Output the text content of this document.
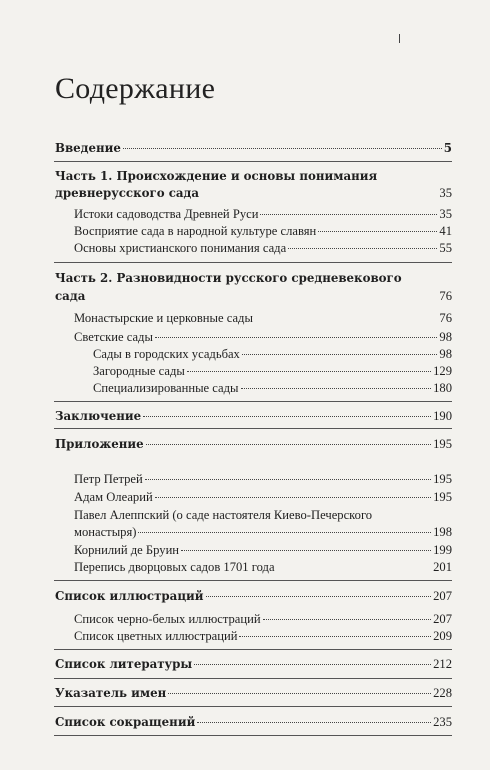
Содержание
Введение	5
Часть 1. Происхождение и основы понимания
древнерусского сада	35
Истоки садоводства Древней Руси	35
Восприятие сада в народной культуре славян	41
Основы христианского понимания сада	55
Часть 2. Разновидности русского средневекового
сада	76
Монастырские и церковные сады	76
Светские сады	98
Сады в городских усадьбах	98
Загородные сады	129
Специализированные сады	180
Заключение	190
Приложение	195
Петр Петрей	195
Адам Олеарий	195
Павел Алеппский (о саде настоятеля Киево-Печерского
монастыря)	198
Корнилий де Бруин	199
Перепись дворцовых садов 1701 года	201
Список иллюстраций	207
Список черно-белых иллюстраций	207
Список цветных иллюстраций	209
Список литературы	212
Указатель имен	228
Список сокращений	235
